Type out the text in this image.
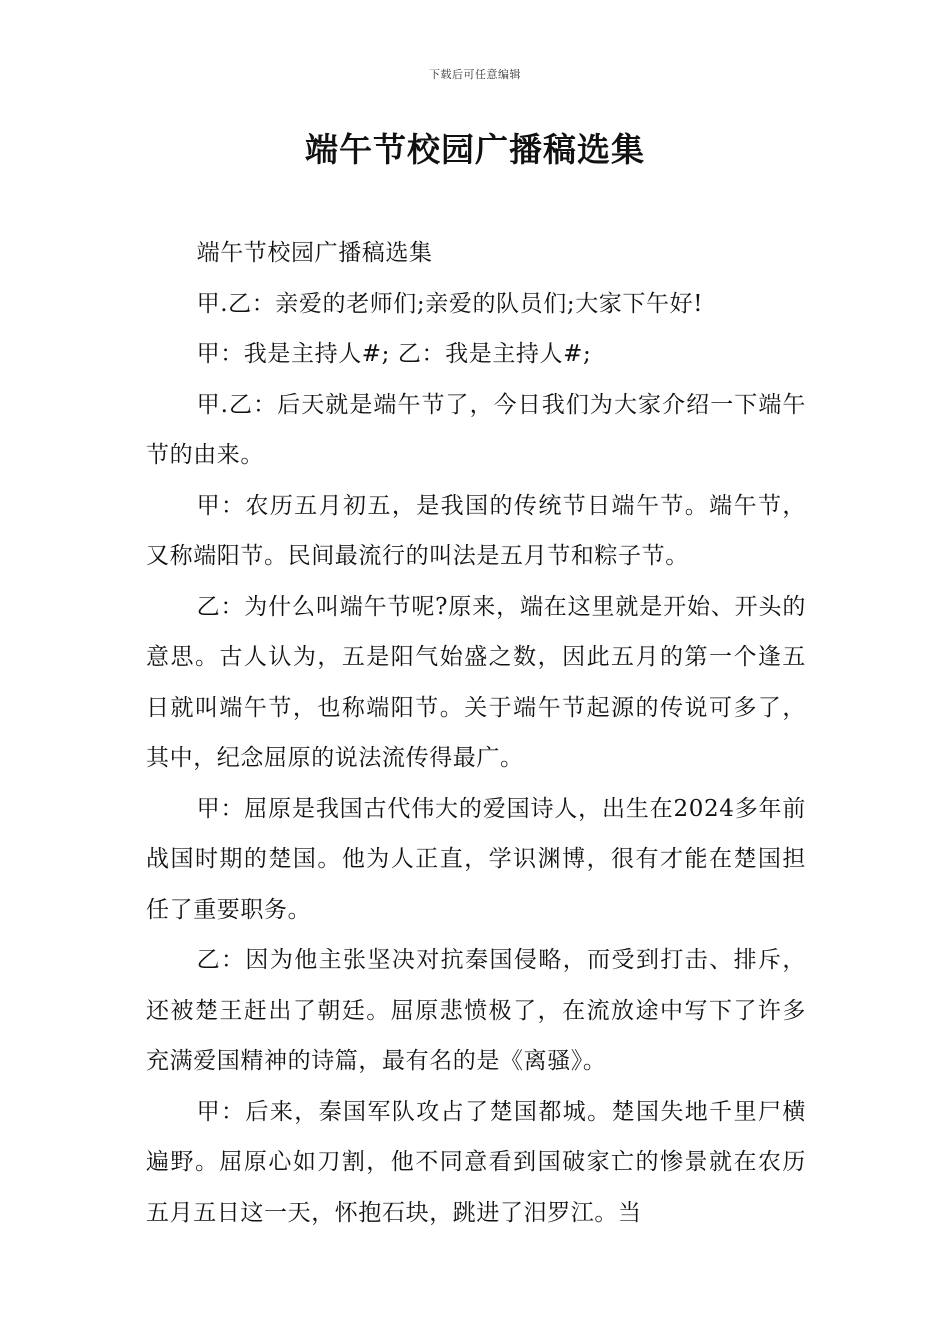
下载后可任意编辑
端午节校园广播稿选集

端午节校园广播稿选集

甲.乙：亲爱的老师们;亲爱的队员们;大家下午好!

甲：我是主持人#; 乙：我是主持人#;

甲.乙：后天就是端午节了，今日我们为大家介绍一下端午节的由来。

甲：农历五月初五，是我国的传统节日端午节。端午节，又称端阳节。民间最流行的叫法是五月节和粽子节。

乙：为什么叫端午节呢?原来，端在这里就是开始、开头的意思。古人认为，五是阳气始盛之数，因此五月的第一个逢五日就叫端午节，也称端阳节。关于端午节起源的传说可多了，其中，纪念屈原的说法流传得最广。

甲：屈原是我国古代伟大的爱国诗人，出生在2024多年前战国时期的楚国。他为人正直，学识渊博，很有才能在楚国担任了重要职务。

乙：因为他主张坚决对抗秦国侵略，而受到打击、排斥，还被楚王赶出了朝廷。屈原悲愤极了，在流放途中写下了许多充满爱国精神的诗篇，最有名的是《离骚》。

甲：后来，秦国军队攻占了楚国都城。楚国失地千里尸横遍野。屈原心如刀割，他不同意看到国破家亡的惨景就在农历五月五日这一天，怀抱石块，跳进了汨罗江。当
